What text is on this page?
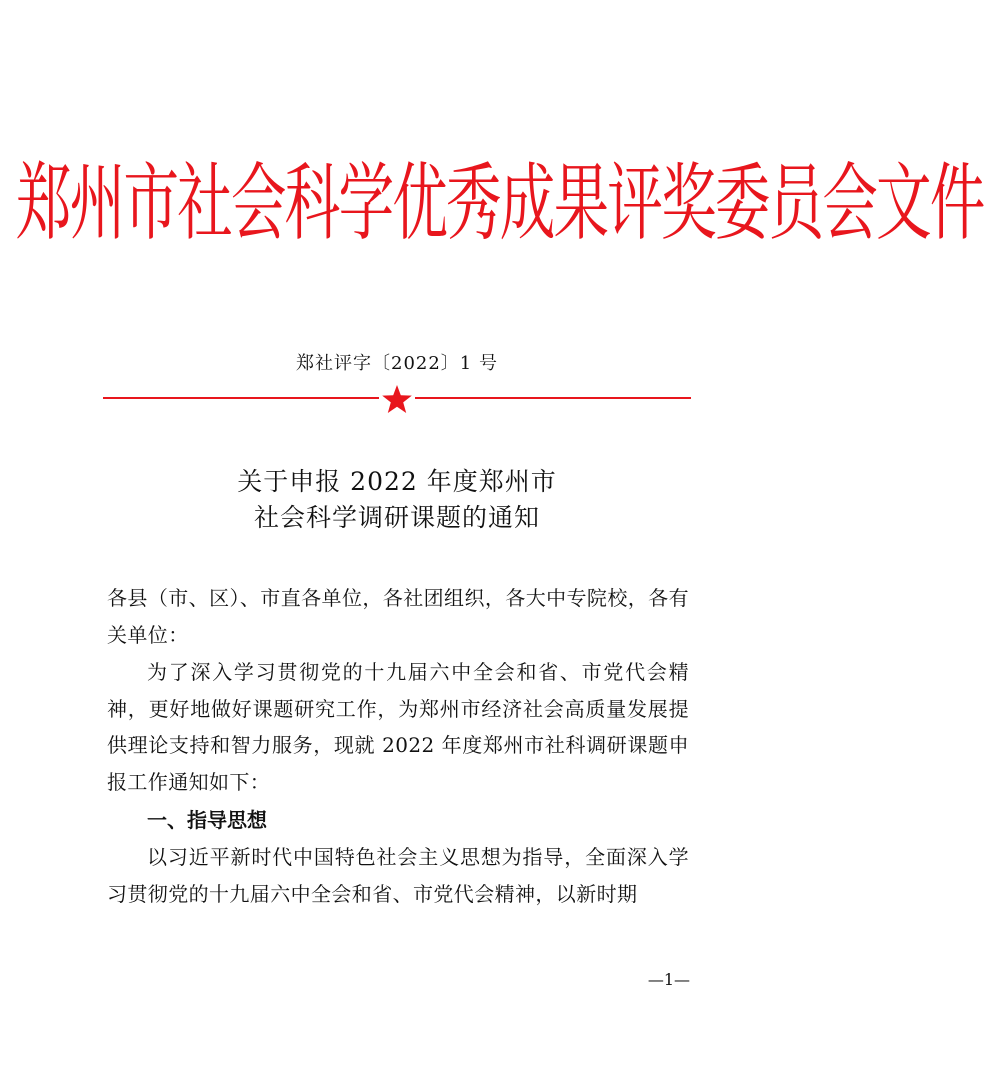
郑州市社会科学优秀成果评奖委员会文件
郑社评字〔2022〕1 号
关于申报 2022 年度郑州市
社会科学调研课题的通知
各县（市、区）、市直各单位，各社团组织，各大中专院校，各有关单位：
为了深入学习贯彻党的十九届六中全会和省、市党代会精神，更好地做好课题研究工作，为郑州市经济社会高质量发展提供理论支持和智力服务，现就 2022 年度郑州市社科调研课题申报工作通知如下：
一、指导思想
以习近平新时代中国特色社会主义思想为指导，全面深入学习贯彻党的十九届六中全会和省、市党代会精神，以新时期
—1—
